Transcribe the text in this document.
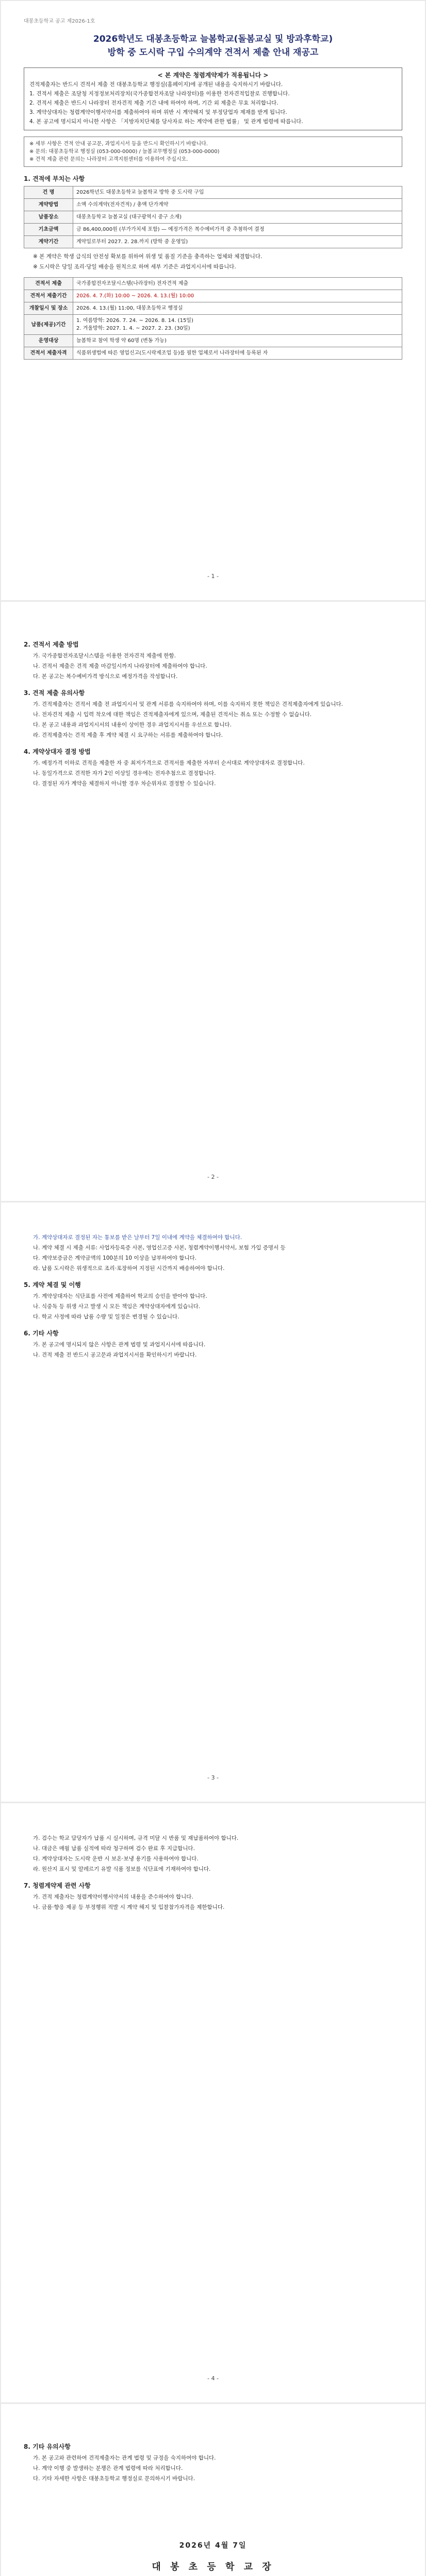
대봉초등학교 공고 제2026-1호
2026학년도 대봉초등학교 늘봄학교(돌봄교실 및 방과후학교)
방학 중 도시락 구입 수의계약 견적서 제출 안내 재공고
< 본 계약은 청렴계약제가 적용됩니다 >
견적제출자는 반드시 견적서 제출 전 대봉초등학교 행정실(홈페이지)에 공개된 내용을 숙지하시기 바랍니다.
1. 견적서 제출은 조달청 지정정보처리장치(국가종합전자조달 나라장터)를 이용한 전자견적입찰로 진행합니다.
2. 견적서 제출은 반드시 나라장터 전자견적 제출 기간 내에 하여야 하며, 기간 외 제출은 무효 처리합니다.
3. 계약상대자는 청렴계약이행서약서를 제출하여야 하며 위반 시 계약해지 및 부정당업자 제재를 받게 됩니다.
4. 본 공고에 명시되지 아니한 사항은 「지방자치단체를 당사자로 하는 계약에 관한 법률」 및 관계 법령에 따릅니다.
※ 세부 사항은 견적 안내 공고문, 과업지시서 등을 반드시 확인하시기 바랍니다.
※ 문의: 대봉초등학교 행정실 (053-000-0000) / 늘봄교무행정실 (053-000-0000)
※ 견적 제출 관련 문의는 나라장터 고객지원센터를 이용하여 주십시오.
1. 견적에 부치는 사항
건 명	2026학년도 대봉초등학교 늘봄학교 방학 중 도시락 구입
계약방법	소액 수의계약(전자견적) / 총액 단가계약
납품장소	대봉초등학교 늘봄교실 (대구광역시 중구 소재)
기초금액	금 86,400,000원 (부가가치세 포함) — 예정가격은 복수예비가격 중 추첨하여 결정
계약기간	계약일로부터 2027. 2. 28.까지 (방학 중 운영일)
※ 본 계약은 학생 급식의 안전성 확보를 위하여 위생 및 품질 기준을 충족하는 업체와 체결합니다.
※ 도시락은 당일 조리·당일 배송을 원칙으로 하며 세부 기준은 과업지시서에 따릅니다.
견적서 제출	국가종합전자조달시스템(나라장터) 전자견적 제출
견적서 제출기간	2026. 4. 7.(화) 10:00 ~ 2026. 4. 13.(월) 10:00
개찰일시 및 장소	2026. 4. 13.(월) 11:00, 대봉초등학교 행정실
납품(제공)기간	1. 여름방학: 2026. 7. 24. ~ 2026. 8. 14. (15일)
2. 겨울방학: 2027. 1. 4. ~ 2027. 2. 23. (30일)
운영대상	늘봄학교 참여 학생 약 60명 (변동 가능)
견적서 제출자격	식품위생법에 따른 영업신고(도시락제조업 등)를 필한 업체로서 나라장터에 등록된 자
- 1 -
2. 견적서 제출 방법
가. 국가종합전자조달시스템을 이용한 전자견적 제출에 한함.
나. 견적서 제출은 견적 제출 마감일시까지 나라장터에 제출하여야 합니다.
다. 본 공고는 복수예비가격 방식으로 예정가격을 작성합니다.
3. 견적 제출 유의사항
가. 견적제출자는 견적서 제출 전 과업지시서 및 관계 서류를 숙지하여야 하며, 이를 숙지하지 못한 책임은 견적제출자에게 있습니다.
나. 전자견적 제출 시 입력 착오에 대한 책임은 견적제출자에게 있으며, 제출된 견적서는 취소 또는 수정할 수 없습니다.
다. 본 공고 내용과 과업지시서의 내용이 상이한 경우 과업지시서를 우선으로 합니다.
라. 견적제출자는 견적 제출 후 계약 체결 시 요구하는 서류를 제출하여야 합니다.
4. 계약상대자 결정 방법
가. 예정가격 이하로 견적을 제출한 자 중 최저가격으로 견적서를 제출한 자부터 순서대로 계약상대자로 결정합니다.
나. 동일가격으로 견적한 자가 2인 이상일 경우에는 전자추첨으로 결정합니다.
다. 결정된 자가 계약을 체결하지 아니할 경우 차순위자로 결정할 수 있습니다.
- 2 -
가. 계약상대자로 결정된 자는 통보를 받은 날부터 7일 이내에 계약을 체결하여야 합니다.
나. 계약 체결 시 제출 서류: 사업자등록증 사본, 영업신고증 사본, 청렴계약이행서약서, 보험 가입 증명서 등
다. 계약보증금은 계약금액의 100분의 10 이상을 납부하여야 합니다.
라. 납품 도시락은 위생적으로 조리·포장하여 지정된 시간까지 배송하여야 합니다.
5. 계약 체결 및 이행
가. 계약상대자는 식단표를 사전에 제출하여 학교의 승인을 받아야 합니다.
나. 식중독 등 위생 사고 발생 시 모든 책임은 계약상대자에게 있습니다.
다. 학교 사정에 따라 납품 수량 및 일정은 변경될 수 있습니다.
6. 기타 사항
가. 본 공고에 명시되지 않은 사항은 관계 법령 및 과업지시서에 따릅니다.
나. 견적 제출 전 반드시 공고문과 과업지시서를 확인하시기 바랍니다.
- 3 -
가. 검수는 학교 담당자가 납품 시 실시하며, 규격 미달 시 반품 및 재납품하여야 합니다.
나. 대금은 매월 납품 실적에 따라 청구하며 검수 완료 후 지급합니다.
다. 계약상대자는 도시락 운반 시 보온·보냉 용기를 사용하여야 합니다.
라. 원산지 표시 및 알레르기 유발 식품 정보를 식단표에 기재하여야 합니다.
7. 청렴계약제 관련 사항
가. 견적 제출자는 청렴계약이행서약서의 내용을 준수하여야 합니다.
나. 금품·향응 제공 등 부정행위 적발 시 계약 해지 및 입찰참가자격을 제한합니다.
- 4 -
8. 기타 유의사항
가. 본 공고와 관련하여 견적제출자는 관계 법령 및 규정을 숙지하여야 합니다.
나. 계약 이행 중 발생하는 분쟁은 관계 법령에 따라 처리합니다.
다. 기타 자세한 사항은 대봉초등학교 행정실로 문의하시기 바랍니다.
2026년 4월 7일
대 봉 초 등 학 교 장
